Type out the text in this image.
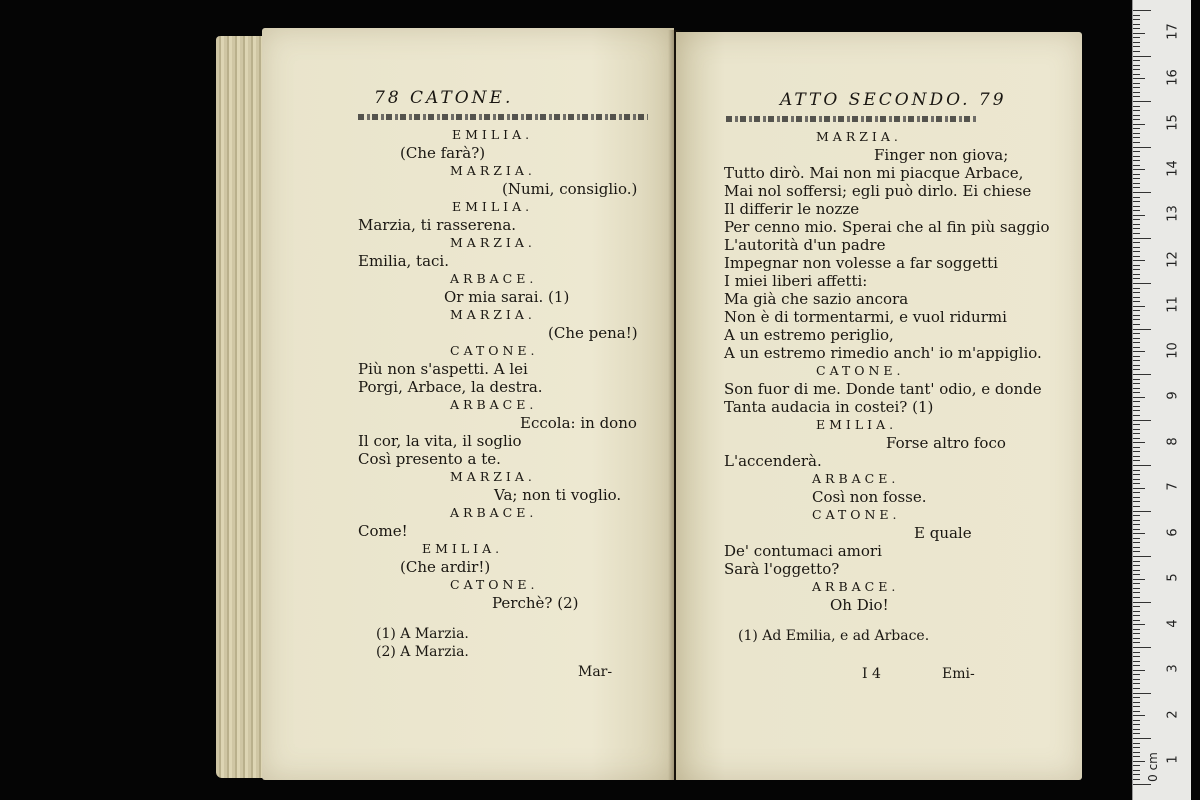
78 CATONE.
EMILIA.
(Che farà?)
MARZIA.
(Numi, consiglio.)
EMILIA.
Marzia, ti rasserena.
MARZIA.
Emilia, taci.
ARBACE.
Or mia sarai. (1)
MARZIA.
(Che pena!)
CATONE.
Più non s'aspetti. A lei
Porgi, Arbace, la destra.
ARBACE.
Eccola: in dono
Il cor, la vita, il soglio
Così presento a te.
MARZIA.
Va; non ti voglio.
ARBACE.
Come!
EMILIA.
(Che ardir!)
CATONE.
Perchè? (2)
(1) A Marzia.
(2) A Marzia.
Mar-
ATTO SECONDO. 79
MARZIA.
Finger non giova;
Tutto dirò. Mai non mi piacque Arbace,
Mai nol soffersi; egli può dirlo. Ei chiese
Il differir le nozze
Per cenno mio. Sperai che al fin più saggio
L'autorità d'un padre
Impegnar non volesse a far soggetti
I miei liberi affetti:
Ma già che sazio ancora
Non è di tormentarmi, e vuol ridurmi
A un estremo periglio,
A un estremo rimedio anch' io m'appiglio.
CATONE.
Son fuor di me. Donde tant' odio, e donde
Tanta audacia in costei? (1)
EMILIA.
Forse altro foco
L'accenderà.
ARBACE.
Così non fosse.
CATONE.
E quale
De' contumaci amori
Sarà l'oggetto?
ARBACE.
Oh Dio!
(1) Ad Emilia, e ad Arbace.
I 4	Emi-
17
16
15
14
13
12
11
10
9
8
7
6
5
4
3
2
1
0 cm
